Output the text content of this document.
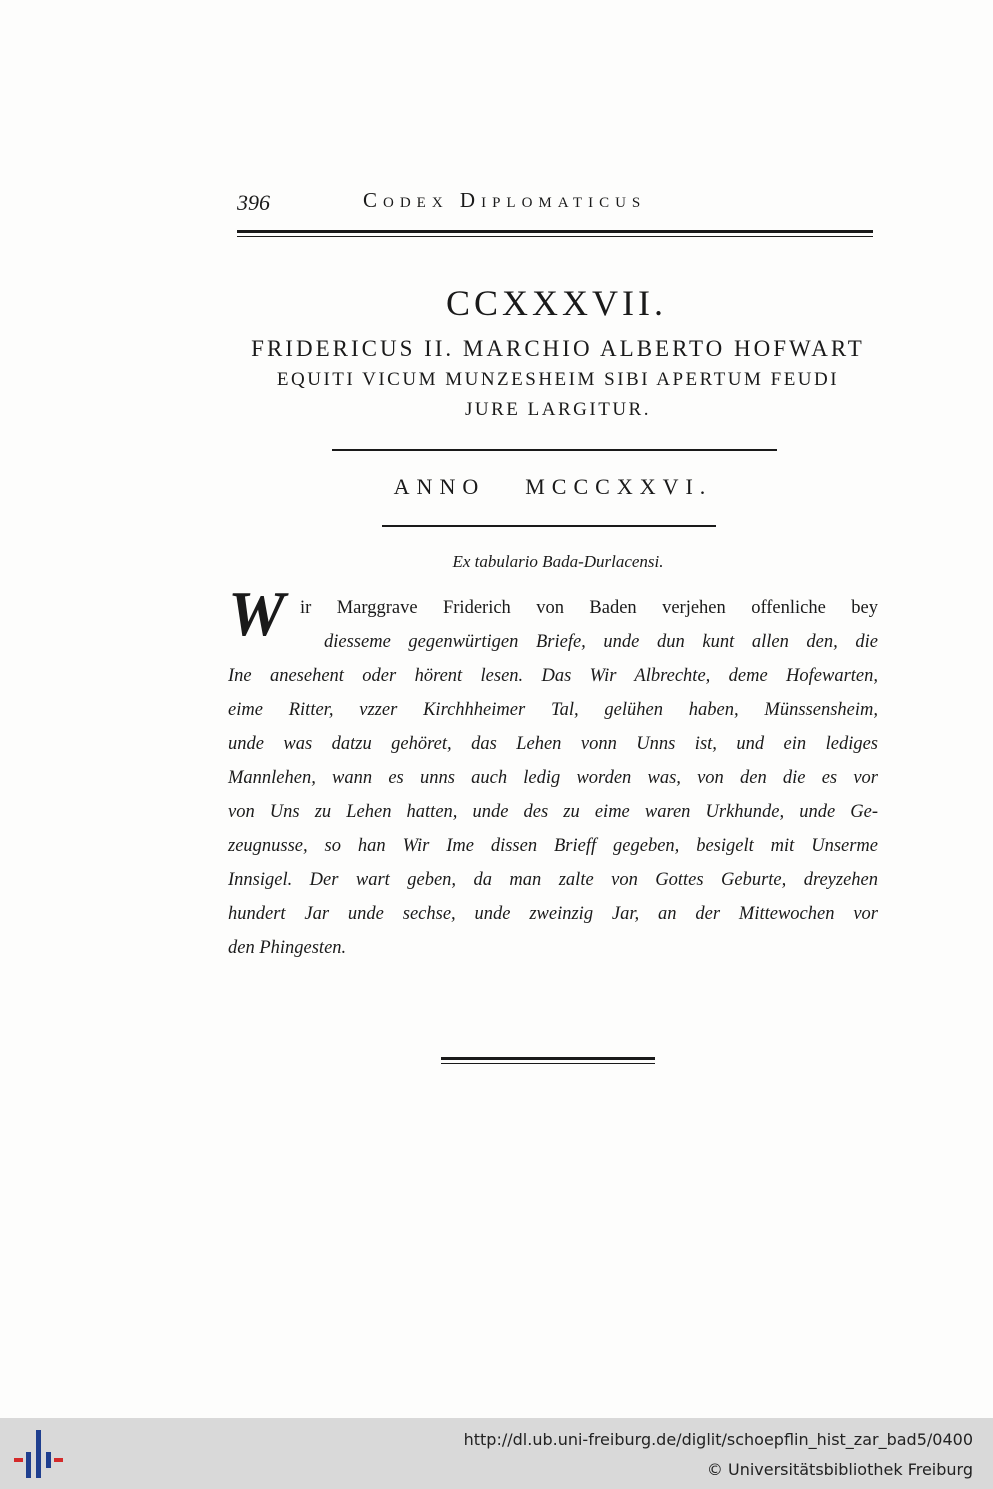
396	Codex Diplomaticus
CCXXXVII.
FRIDERICUS II. MARCHIO ALBERTO HOFWART
EQUITI VICUM MUNZESHEIM SIBI APERTUM FEUDI
JURE LARGITUR.
ANNO MCCCXXVI.
Ex tabulario Bada-Durlacensi.
W ir Marggrave Friderich von Baden verjehen offenliche bey
diesseme gegenwürtigen Briefe, unde dun kunt allen den, die
Ine anesehent oder hörent lesen. Das Wir Albrechte, deme Hofewarten,
eime Ritter, vzzer Kirchhheimer Tal, gelühen haben, Münssensheim,
unde was datzu gehöret, das Lehen vonn Unns ist, und ein lediges
Mannlehen, wann es unns auch ledig worden was, von den die es vor
von Uns zu Lehen hatten, unde des zu eime waren Urkhunde, unde Ge-
zeugnusse, so han Wir Ime dissen Brieff gegeben, besigelt mit Unserme
Innsigel. Der wart geben, da man zalte von Gottes Geburte, dreyzehen
hundert Jar unde sechse, unde zweinzig Jar, an der Mittewochen vor
den Phingesten.
http://dl.ub.uni-freiburg.de/diglit/schoepflin_hist_zar_bad5/0400
© Universitätsbibliothek Freiburg
